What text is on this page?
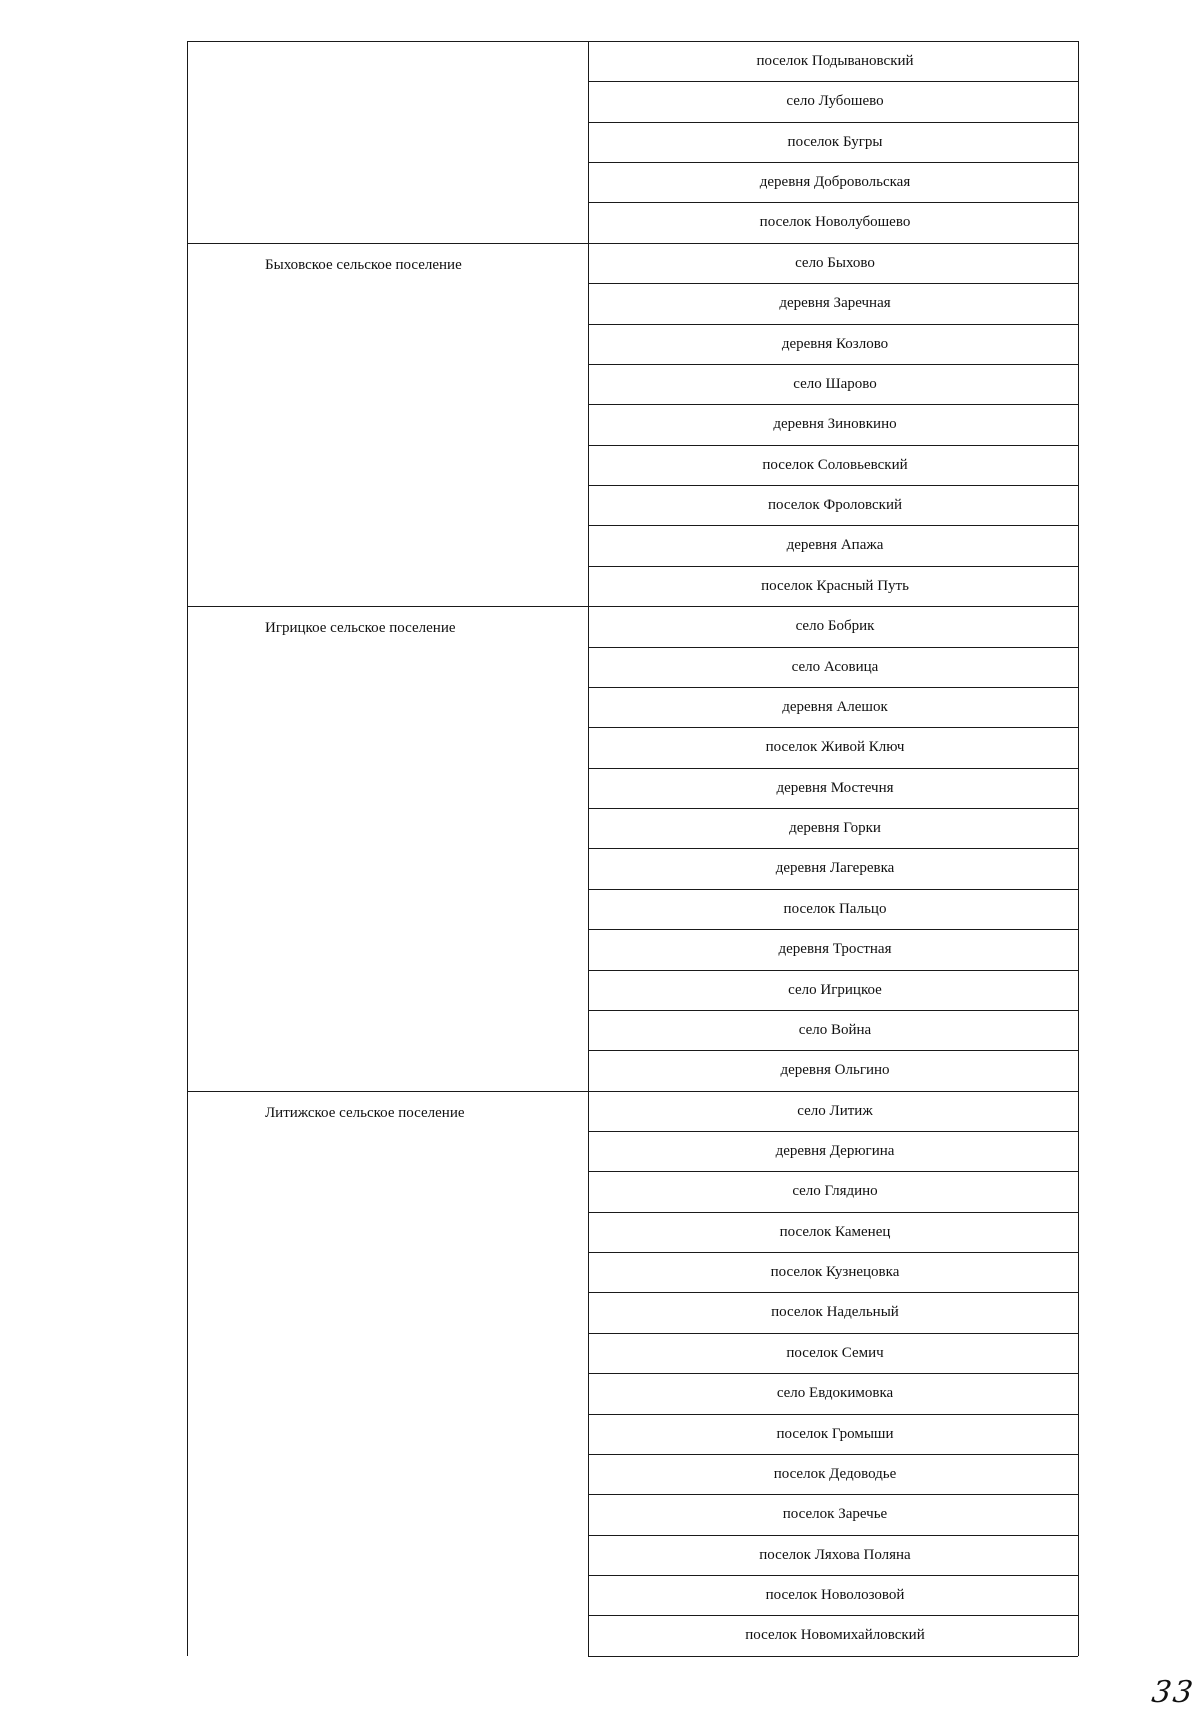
поселок Подывановский
село Лубошево
поселок Бугры
деревня Добровольская
поселок Новолубошево
Быховское сельское поселение	село Быхово
деревня Заречная
деревня Козлово
село Шарово
деревня Зиновкино
поселок Соловьевский
поселок Фроловский
деревня Апажа
поселок Красный Путь
Игрицкое сельское поселение	село Бобрик
село Асовица
деревня Алешок
поселок Живой Ключ
деревня Мостечня
деревня Горки
деревня Лагеревка
поселок Пальцо
деревня Тростная
село Игрицкое
село Война
деревня Ольгино
Литижское сельское поселение	село Литиж
деревня Дерюгина
село Глядино
поселок Каменец
поселок Кузнецовка
поселок Надельный
поселок Семич
село Евдокимовка
поселок Громыши
поселок Дедоводье
поселок Заречье
поселок Ляхова Поляна
поселок Новолозовой
поселок Новомихайловский
33
